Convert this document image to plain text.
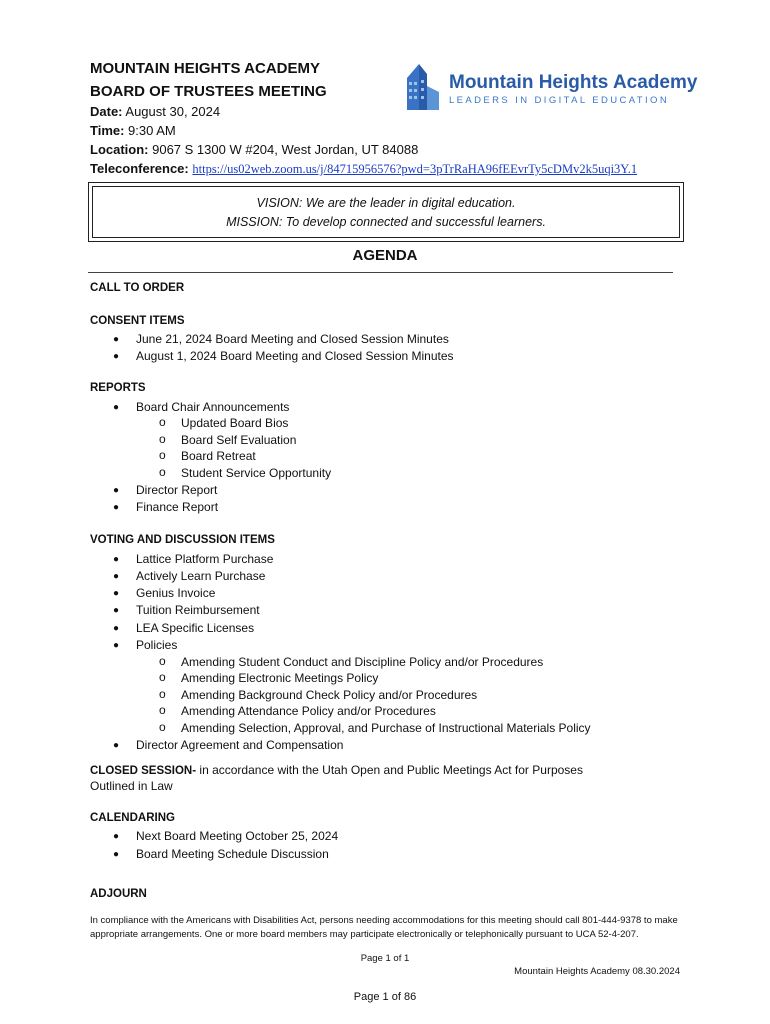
MOUNTAIN HEIGHTS ACADEMY
BOARD OF TRUSTEES MEETING
Date: August 30, 2024
Time: 9:30 AM
Location: 9067 S 1300 W #204, West Jordan, UT 84088
Teleconference: https://us02web.zoom.us/j/84715956576?pwd=3pTrRaHA96fEEvrTy5cDMv2k5uqi3Y.1
Mountain Heights Academy
LEADERS IN DIGITAL EDUCATION
VISION: We are the leader in digital education.
MISSION: To develop connected and successful learners.
AGENDA
CALL TO ORDER
CONSENT ITEMS
● June 21, 2024 Board Meeting and Closed Session Minutes
● August 1, 2024 Board Meeting and Closed Session Minutes
REPORTS
● Board Chair Announcements
o Updated Board Bios
o Board Self Evaluation
o Board Retreat
o Student Service Opportunity
● Director Report
● Finance Report
VOTING AND DISCUSSION ITEMS
● Lattice Platform Purchase
● Actively Learn Purchase
● Genius Invoice
● Tuition Reimbursement
● LEA Specific Licenses
● Policies
o Amending Student Conduct and Discipline Policy and/or Procedures
o Amending Electronic Meetings Policy
o Amending Background Check Policy and/or Procedures
o Amending Attendance Policy and/or Procedures
o Amending Selection, Approval, and Purchase of Instructional Materials Policy
● Director Agreement and Compensation
CLOSED SESSION- in accordance with the Utah Open and Public Meetings Act for Purposes
Outlined in Law
CALENDARING
● Next Board Meeting October 25, 2024
● Board Meeting Schedule Discussion
ADJOURN
In compliance with the Americans with Disabilities Act, persons needing accommodations for this meeting should call 801-444-9378 to make
appropriate arrangements. One or more board members may participate electronically or telephonically pursuant to UCA 52-4-207.
Page 1 of 1
Mountain Heights Academy 08.30.2024
Page 1 of 86
